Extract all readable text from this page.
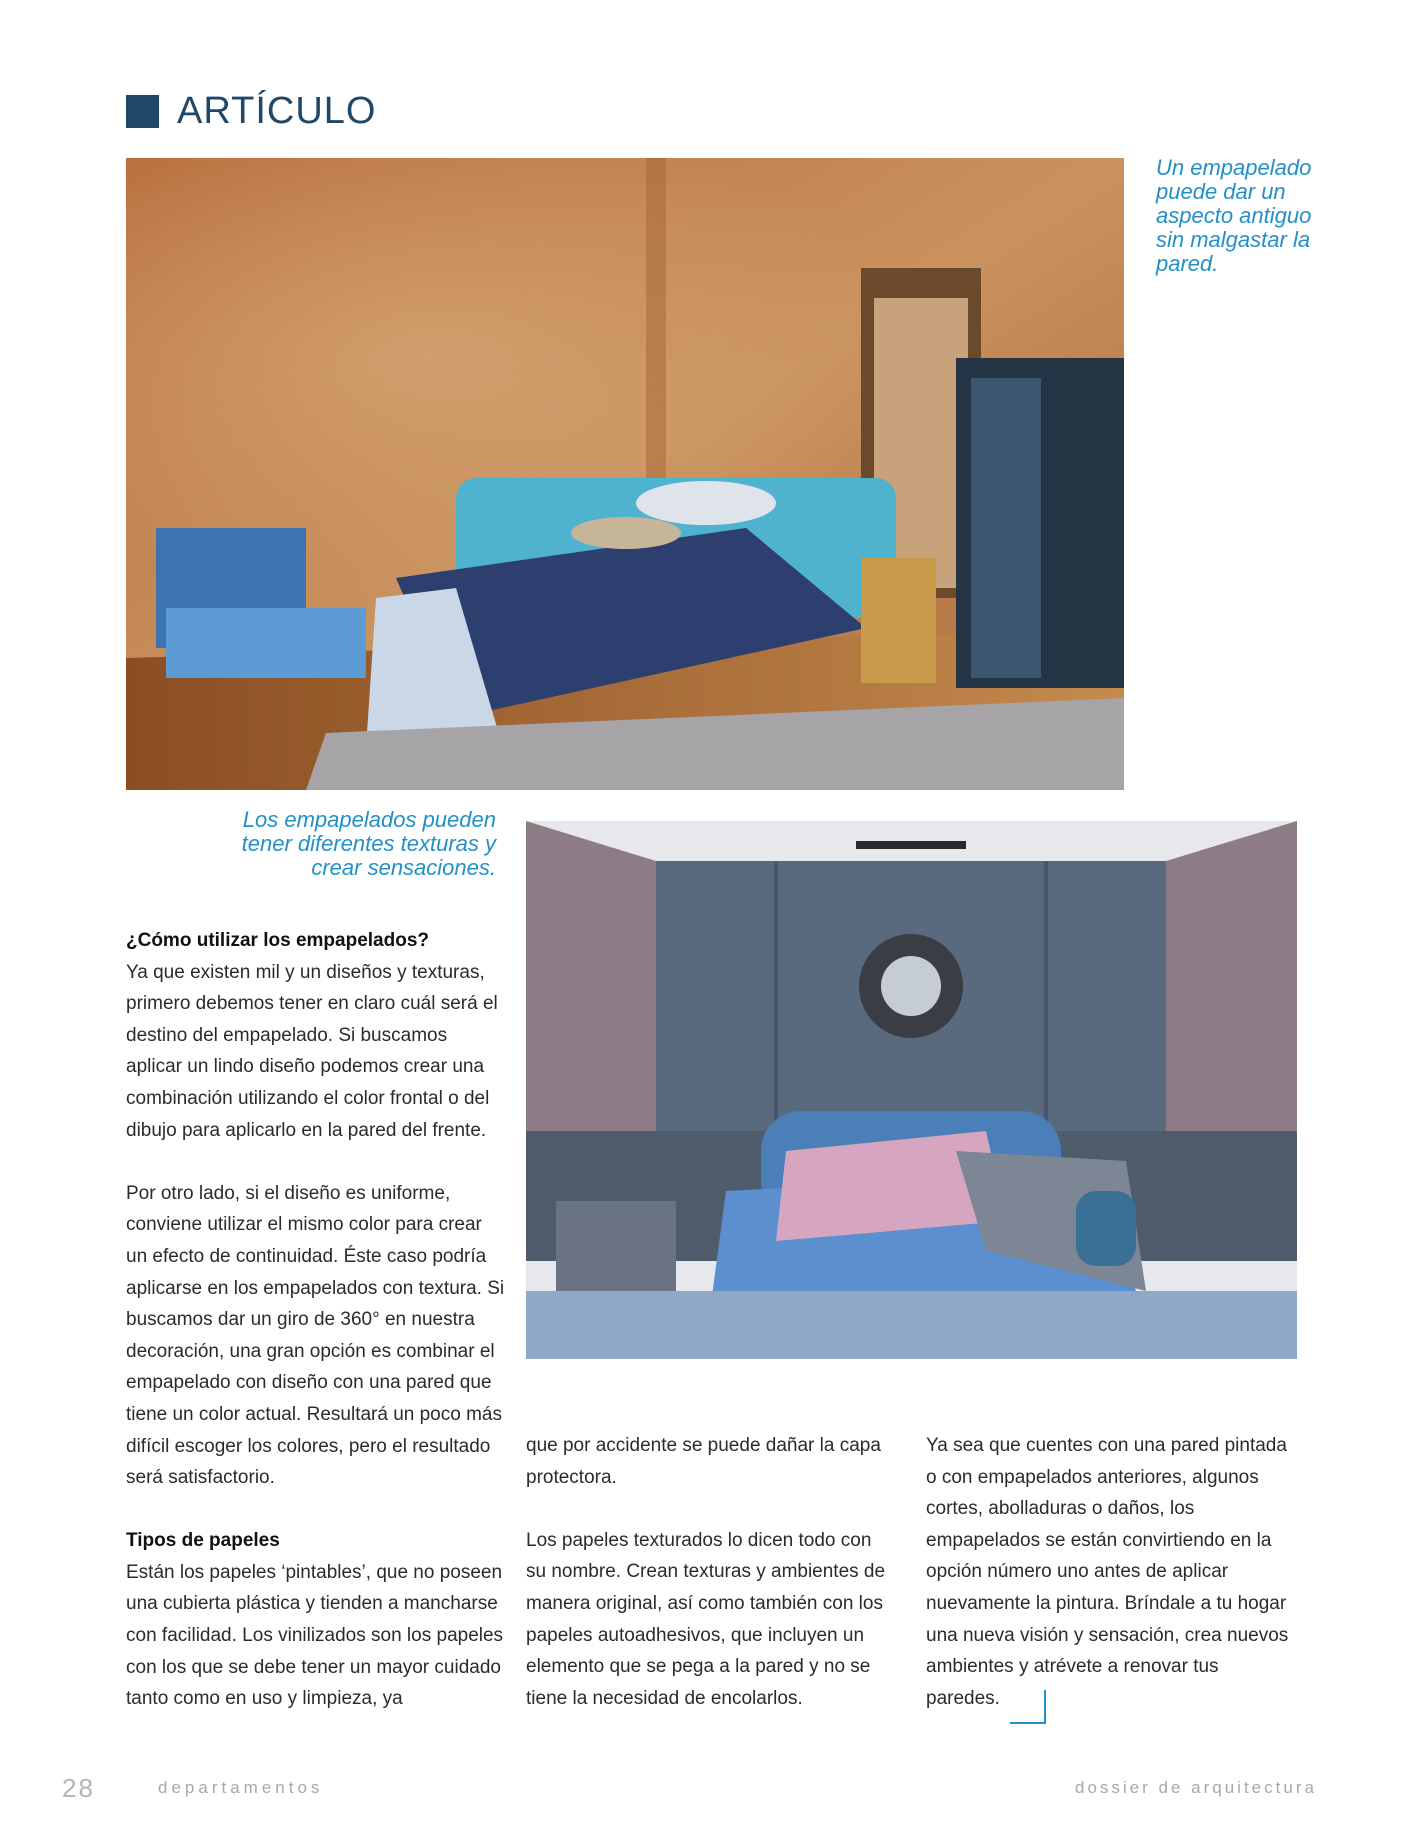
ARTÍCULO
Un empapelado puede dar un aspecto antiguo sin malgastar la pared.
Los empapelados pueden tener diferentes texturas y crear sensaciones.
¿Cómo utilizar los empapelados?

Ya que existen mil y un diseños y texturas, primero debemos tener en claro cuál será el destino del empapelado. Si buscamos aplicar un lindo diseño podemos crear una combinación utilizando el color frontal o del dibujo para aplicarlo en la pared del frente.

Por otro lado, si el diseño es uniforme, conviene utilizar el mismo color para crear un efecto de continuidad. Éste caso podría aplicarse en los empapelados con textura. Si buscamos dar un giro de 360° en nuestra decoración, una gran opción es combinar el empapelado con diseño con una pared que tiene un color actual. Resultará un poco más difícil escoger los colores, pero el resultado será satisfactorio.

Tipos de papeles

Están los papeles ‘pintables’, que no poseen una cubierta plástica y tienden a mancharse con facilidad. Los vinilizados son los papeles con los que se debe tener un mayor cuidado tanto como en uso y limpieza, ya

que por accidente se puede dañar la capa protectora.

Los papeles texturados lo dicen todo con su nombre. Crean texturas y ambientes de manera original, así como también con los papeles autoadhesivos, que incluyen un elemento que se pega a la pared y no se tiene la necesidad de encolarlos.

Ya sea que cuentes con una pared pintada o con empapelados anteriores, algunos cortes, abolladuras o daños, los empapelados se están convirtiendo en la opción número uno antes de aplicar nuevamente la pintura. Bríndale a tu hogar una nueva visión y sensación, crea nuevos ambientes y atrévete a renovar tus paredes.

28	departamentos	dossier de arquitectura
